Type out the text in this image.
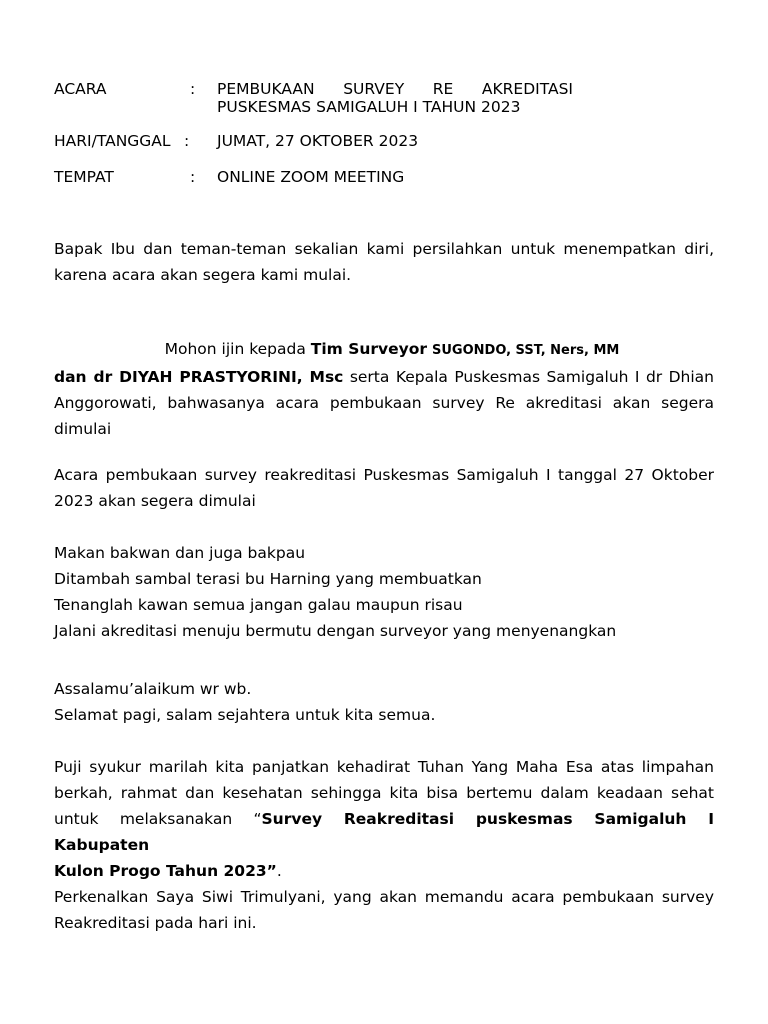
ACARA	: PEMBUKAAN SURVEY RE AKREDITASI
PUSKESMAS SAMIGALUH I TAHUN 2023
HARI/TANGGAL : JUMAT, 27 OKTOBER 2023
TEMPAT	: ONLINE ZOOM MEETING
Bapak Ibu dan teman-teman sekalian kami persilahkan untuk menempatkan diri,
karena acara akan segera kami mulai.
Mohon ijin kepada Tim Surveyor SUGONDO, SST, Ners, MM
dan dr DIYAH PRASTYORINI, Msc serta Kepala Puskesmas Samigaluh I dr Dhian
Anggorowati, bahwasanya acara pembukaan survey Re akreditasi akan segera
dimulai
Acara pembukaan survey reakreditasi Puskesmas Samigaluh I tanggal 27 Oktober
2023 akan segera dimulai
Makan bakwan dan juga bakpau
Ditambah sambal terasi bu Harning yang membuatkan
Tenanglah kawan semua jangan galau maupun risau
Jalani akreditasi menuju bermutu dengan surveyor yang menyenangkan
Assalamu’alaikum wr wb.
Selamat pagi, salam sejahtera untuk kita semua.
Puji syukur marilah kita panjatkan kehadirat Tuhan Yang Maha Esa atas limpahan
berkah, rahmat dan kesehatan sehingga kita bisa bertemu dalam keadaan sehat
untuk melaksanakan “Survey Reakreditasi puskesmas Samigaluh I Kabupaten
Kulon Progo Tahun 2023”.
Perkenalkan Saya Siwi Trimulyani, yang akan memandu acara pembukaan survey
Reakreditasi pada hari ini.
